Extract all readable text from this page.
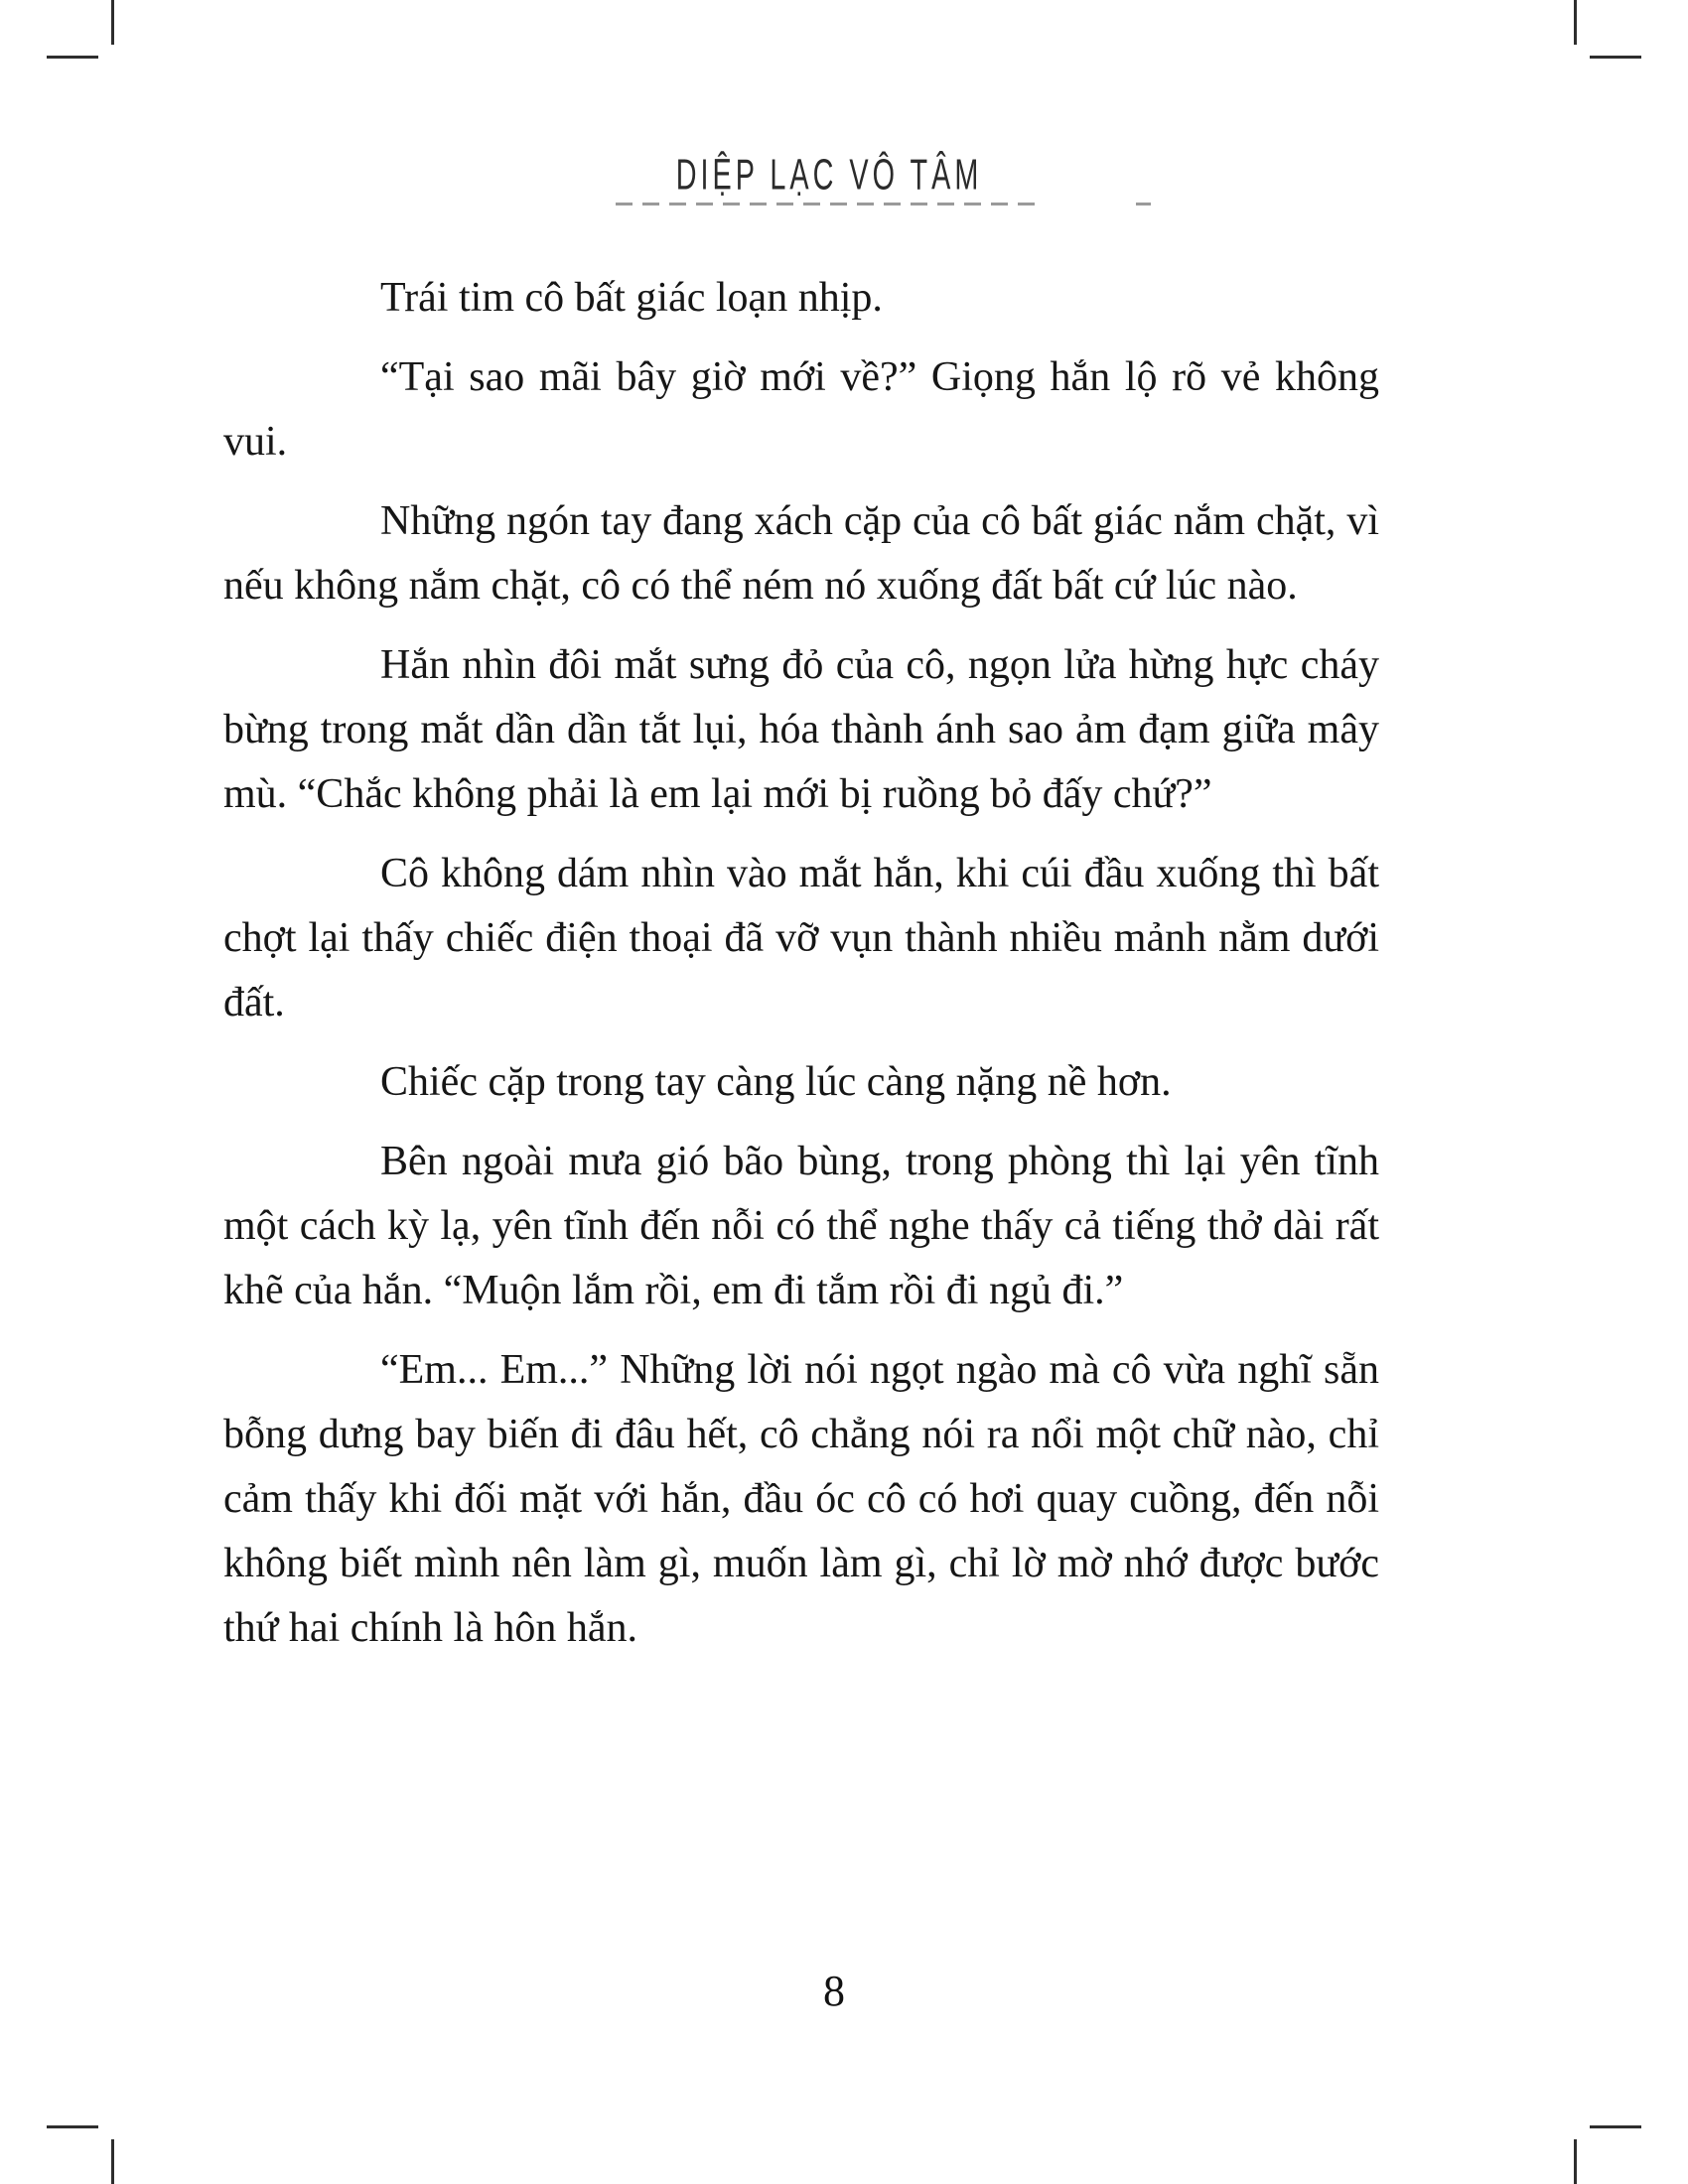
DIỆP LẠC VÔ TÂM

Trái tim cô bất giác loạn nhịp.

“Tại sao mãi bây giờ mới về?” Giọng hắn lộ rõ vẻ không vui.

Những ngón tay đang xách cặp của cô bất giác nắm chặt, vì nếu không nắm chặt, cô có thể ném nó xuống đất bất cứ lúc nào.

Hắn nhìn đôi mắt sưng đỏ của cô, ngọn lửa hừng hực cháy bừng trong mắt dần dần tắt lụi, hóa thành ánh sao ảm đạm giữa mây mù. “Chắc không phải là em lại mới bị ruồng bỏ đấy chứ?”

Cô không dám nhìn vào mắt hắn, khi cúi đầu xuống thì bất chợt lại thấy chiếc điện thoại đã vỡ vụn thành nhiều mảnh nằm dưới đất.

Chiếc cặp trong tay càng lúc càng nặng nề hơn.

Bên ngoài mưa gió bão bùng, trong phòng thì lại yên tĩnh một cách kỳ lạ, yên tĩnh đến nỗi có thể nghe thấy cả tiếng thở dài rất khẽ của hắn. “Muộn lắm rồi, em đi tắm rồi đi ngủ đi.”

“Em... Em...” Những lời nói ngọt ngào mà cô vừa nghĩ sẵn bỗng dưng bay biến đi đâu hết, cô chẳng nói ra nổi một chữ nào, chỉ cảm thấy khi đối mặt với hắn, đầu óc cô có hơi quay cuồng, đến nỗi không biết mình nên làm gì, muốn làm gì, chỉ lờ mờ nhớ được bước thứ hai chính là hôn hắn.

8
